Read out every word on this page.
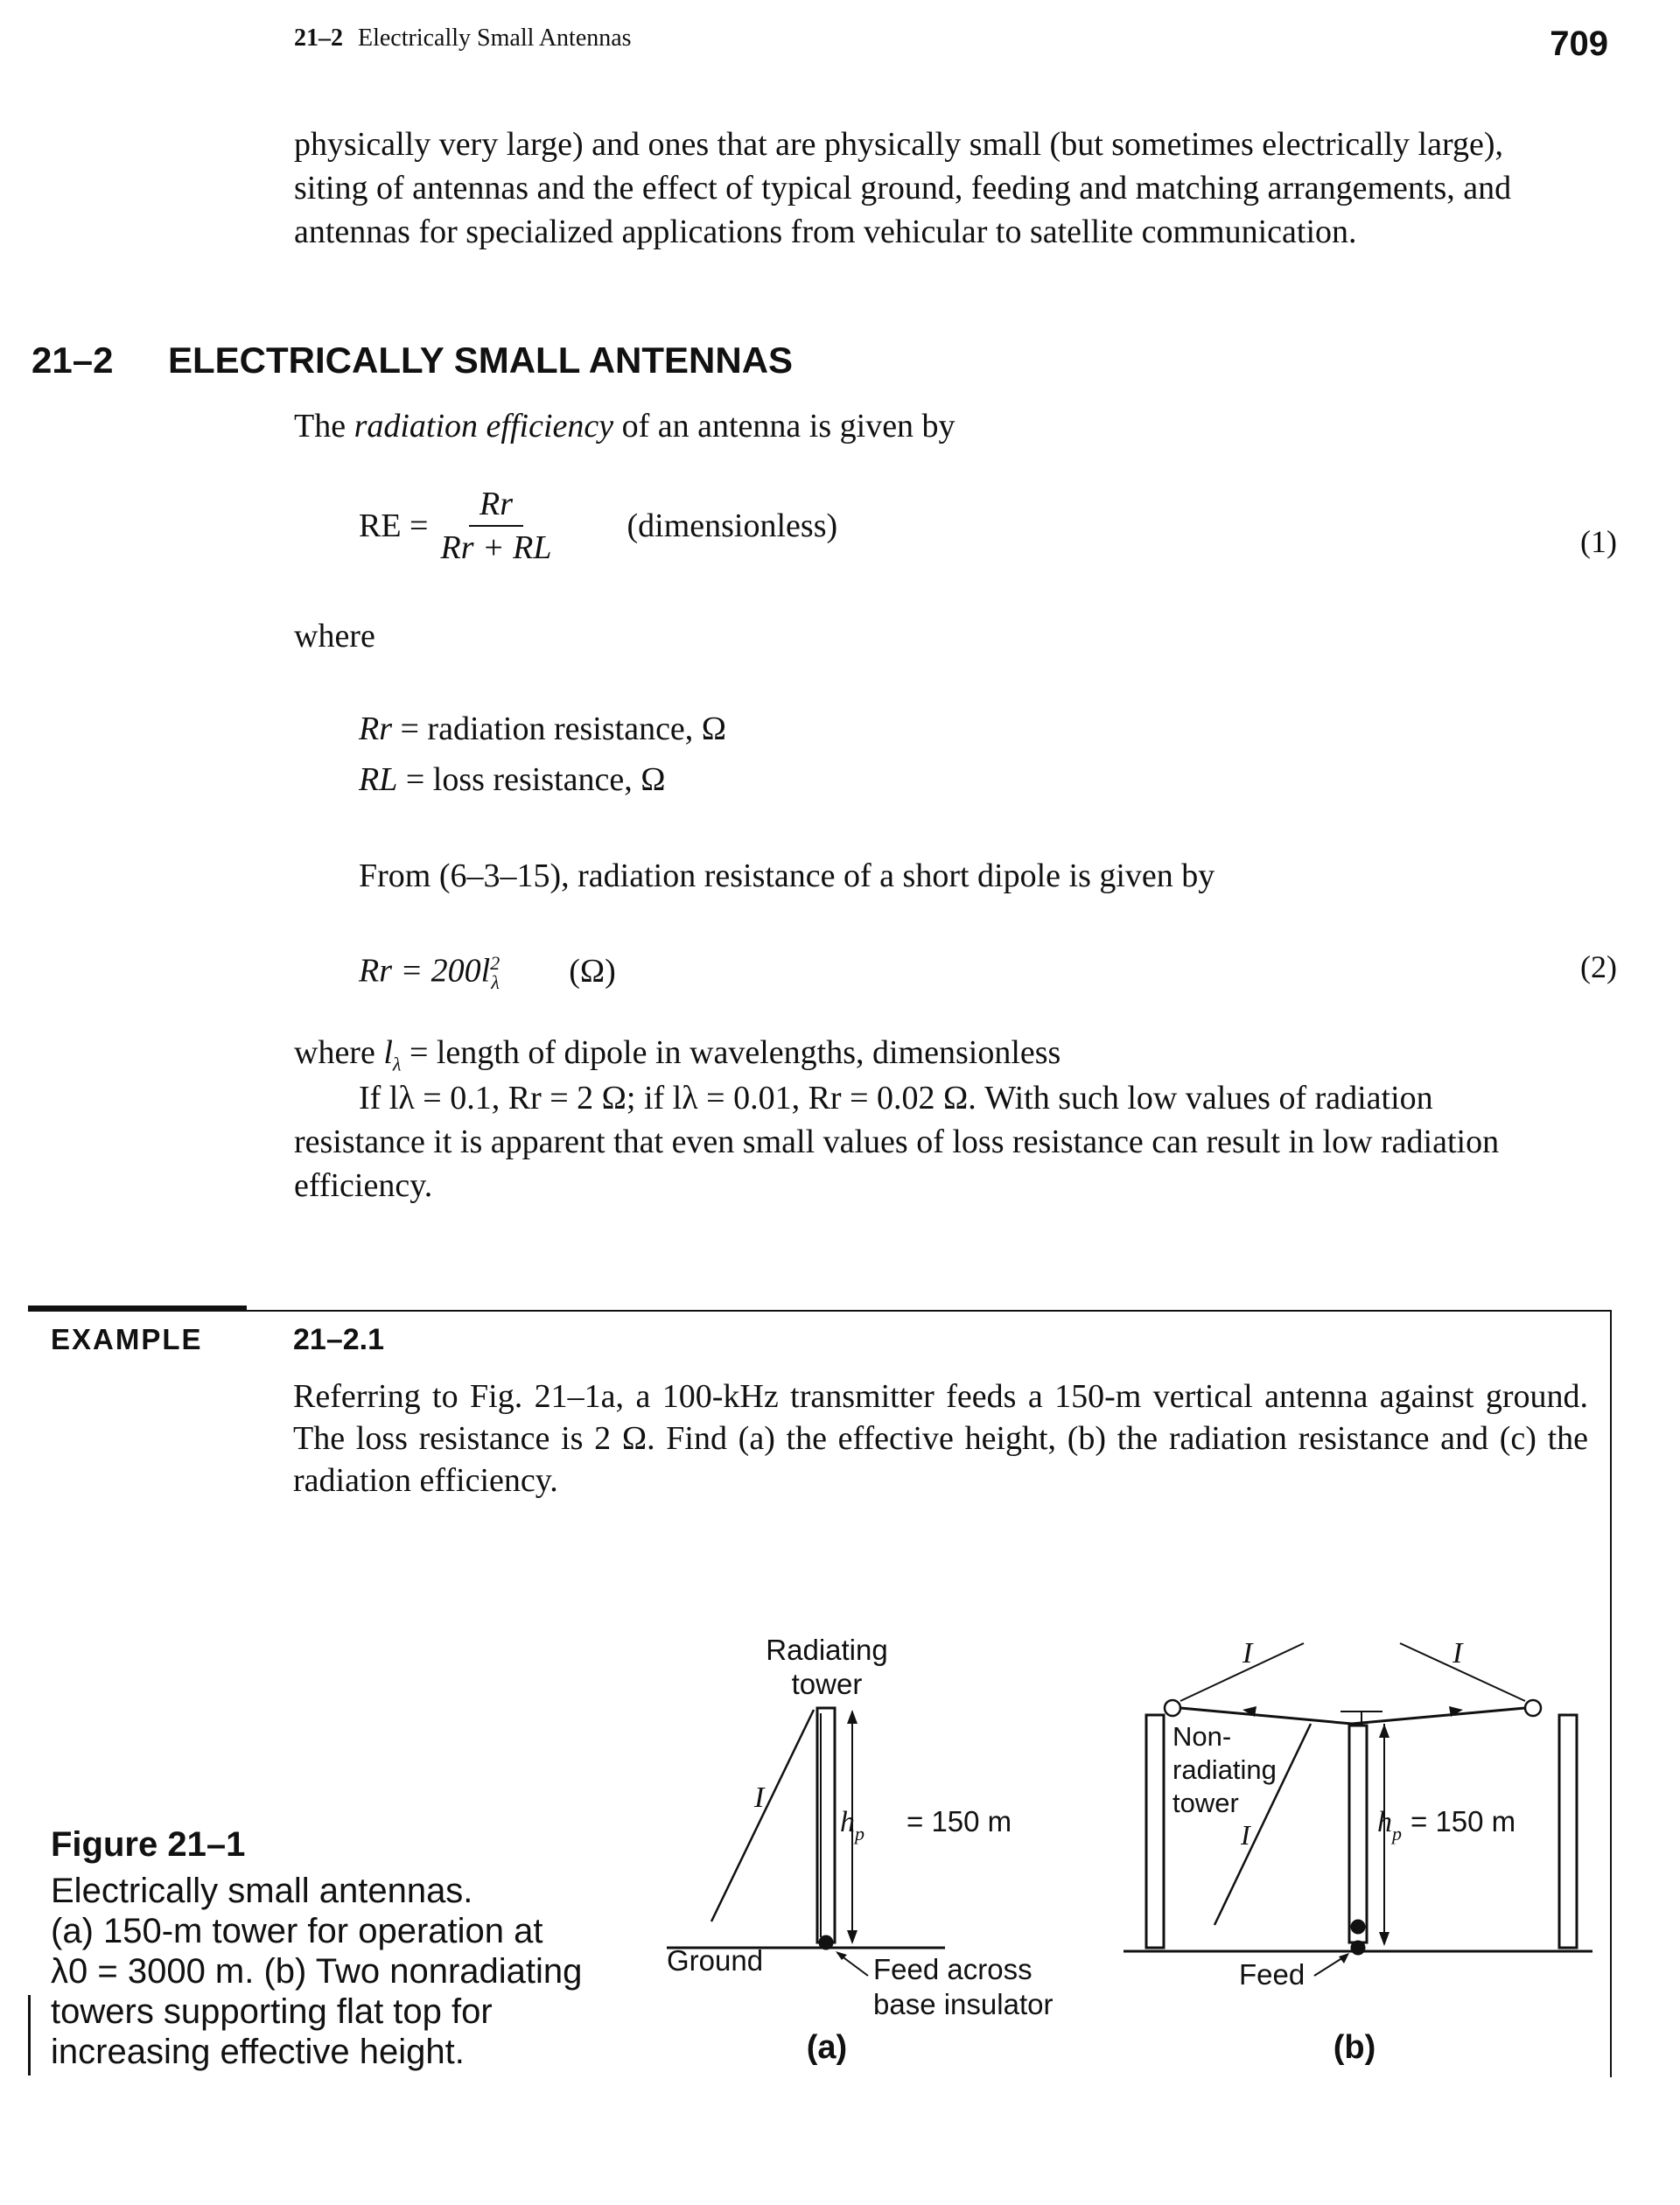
21–2 Electrically Small Antennas	709
physically very large) and ones that are physically small (but sometimes electrically large),
siting of antennas and the effect of typical ground, feeding and matching arrangements, and
antennas for specialized applications from vehicular to satellite communication.
21–2 ELECTRICALLY SMALL ANTENNAS
The radiation efficiency of an antenna is given by
RE = $\frac{Rr}{Rr + RL}$ (dimensionless)	(1)
where
Rr = radiation resistance, Ω
RL = loss resistance, Ω
From (6–3–15), radiation resistance of a short dipole is given by
$Rr = 200l^2_\lambda$ (Ω)	(2)
where $l_\lambda$ = length of dipole in wavelengths, dimensionless
If lλ = 0.1, Rr = 2 Ω; if lλ = 0.01, Rr = 0.02 Ω. With such low values of radiation
resistance it is apparent that even small values of loss resistance can result in low radiation
efficiency.
EXAMPLE	21–2.1
Referring to Fig. 21–1a, a 100-kHz transmitter feeds a 150-m vertical antenna against ground. The loss resistance is 2 Ω. Find (a) the effective height, (b) the radiation resistance and (c) the radiation efficiency.
Figure 21–1
Electrically small antennas.
(a) 150-m tower for operation at
λ0 = 3000 m. (b) Two nonradiating
towers supporting flat top for
increasing effective height.
Radiating
tower
I
$h_p = 150$ m
Ground	Feed across
base insulator
(a)
I	I
Non-
radiating
tower
I	$h_p = 150$ m
Feed
(b)
